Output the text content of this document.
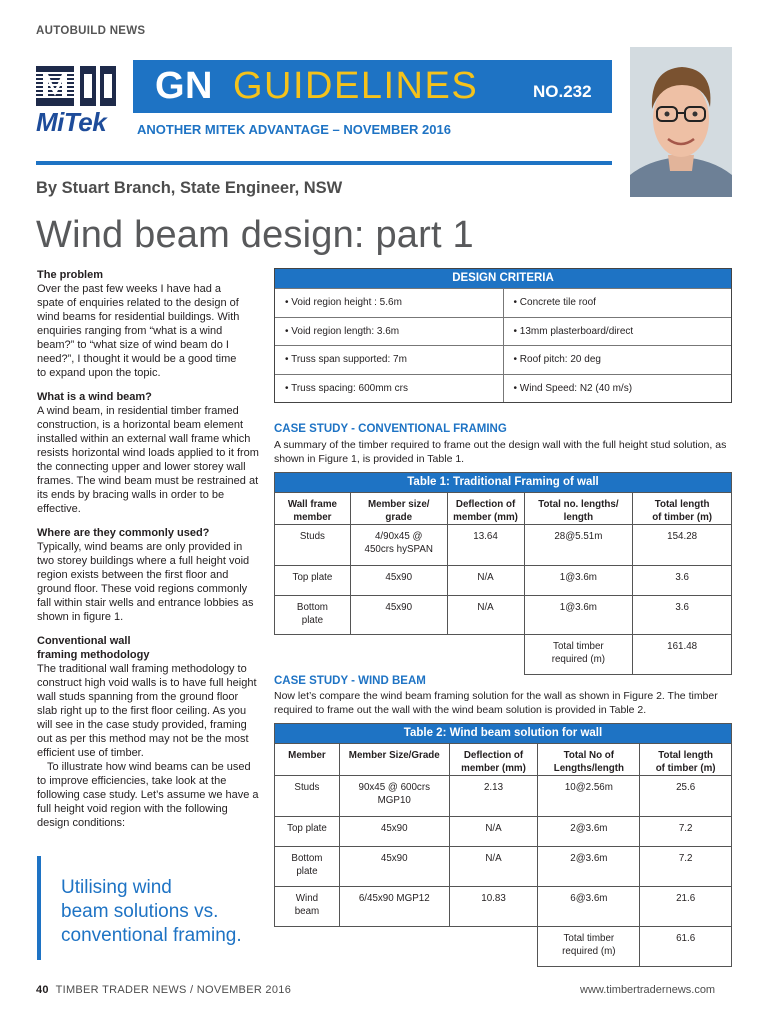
AUTOBUILD NEWS
MiTek
GN GUIDELINES	NO.232
ANOTHER MITEK ADVANTAGE – NOVEMBER 2016
By Stuart Branch, State Engineer, NSW
Wind beam design: part 1
The problem

Over the past few weeks I have had a spate of enquiries related to the design of wind beams for residential buildings. With enquiries ranging from “what is a wind beam?” to “what size of wind beam do I need?”, I thought it would be a good time to expand upon the topic.

What is a wind beam?

A wind beam, in residential timber framed construction, is a horizontal beam element installed within an external wall frame which resists horizontal wind loads applied to it from the connecting upper and lower storey wall frames. The wind beam must be restrained at its ends by bracing walls in order to be effective.

Where are they commonly used?

Typically, wind beams are only provided in two storey buildings where a full height void region exists between the first floor and ground floor. These void regions commonly fall within stair wells and entrance lobbies as shown in figure 1.

Conventional wall
framing methodology

The traditional wall framing methodology to construct high void walls is to have full height wall studs spanning from the ground floor slab right up to the first floor ceiling. As you will see in the case study provided, framing out as per this method may not be the most efficient use of timber.

To illustrate how wind beams can be used to improve efficiencies, take look at the following case study. Let’s assume we have a full height void region with the following design conditions:

Utilising wind
beam solutions vs.
conventional framing.
DESIGN CRITERIA
• Void region height : 5.6m	• Concrete tile roof
• Void region length: 3.6m	• 13mm plasterboard/direct
• Truss span supported: 7m	• Roof pitch: 20 deg
• Truss spacing: 600mm crs	• Wind Speed: N2 (40 m/s)
CASE STUDY - CONVENTIONAL FRAMING
A summary of the timber required to frame out the design wall with the full height stud solution, as shown in Figure 1, is provided in Table 1.
Table 1: Traditional Framing of wall				
Wall frame
member	Member size/
grade	Deflection of
member (mm)	Total no. lengths/
length	Total length
of timber (m)
Studs	4/90x45 @
450crs hySPAN	13.64	28@5.51m	154.28
Top plate	45x90	N/A	1@3.6m	3.6
Bottom
plate	45x90	N/A	1@3.6m	3.6
			Total timber
required (m)	161.48
CASE STUDY - WIND BEAM
Now let’s compare the wind beam framing solution for the wall as shown in Figure 2. The timber required to frame out the wall with the wind beam solution is provided in Table 2.
Table 2: Wind beam solution for wall				
Member	Member Size/Grade	Deflection of
member (mm)	Total No of
Lengths/length	Total length
of timber (m)
Studs	90x45 @ 600crs
MGP10	2.13	10@2.56m	25.6
Top plate	45x90	N/A	2@3.6m	7.2
Bottom
plate	45x90	N/A	2@3.6m	7.2
Wind
beam	6/45x90 MGP12	10.83	6@3.6m	21.6
			Total timber
required (m)	61.6
40 TIMBER TRADER NEWS / NOVEMBER 2016	www.timbertradernews.com
